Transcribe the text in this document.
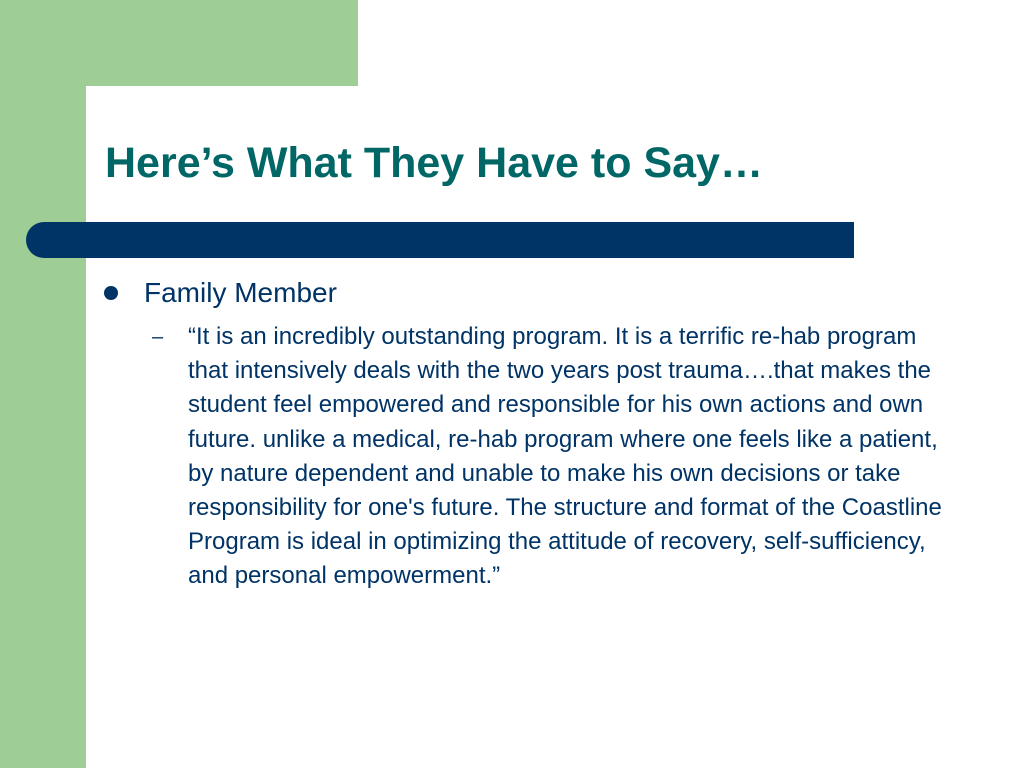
Here’s What They Have to Say…
Family Member
–	“It is an incredibly outstanding program. It is a terrific re-hab program that intensively deals with the two years post trauma….that makes the student feel empowered and responsible for his own actions and own future. unlike a medical, re-hab program where one feels like a patient, by nature dependent and unable to make his own decisions or take responsibility for one's future. The structure and format of the Coastline Program is ideal in optimizing the attitude of recovery, self-sufficiency, and personal empowerment.”
